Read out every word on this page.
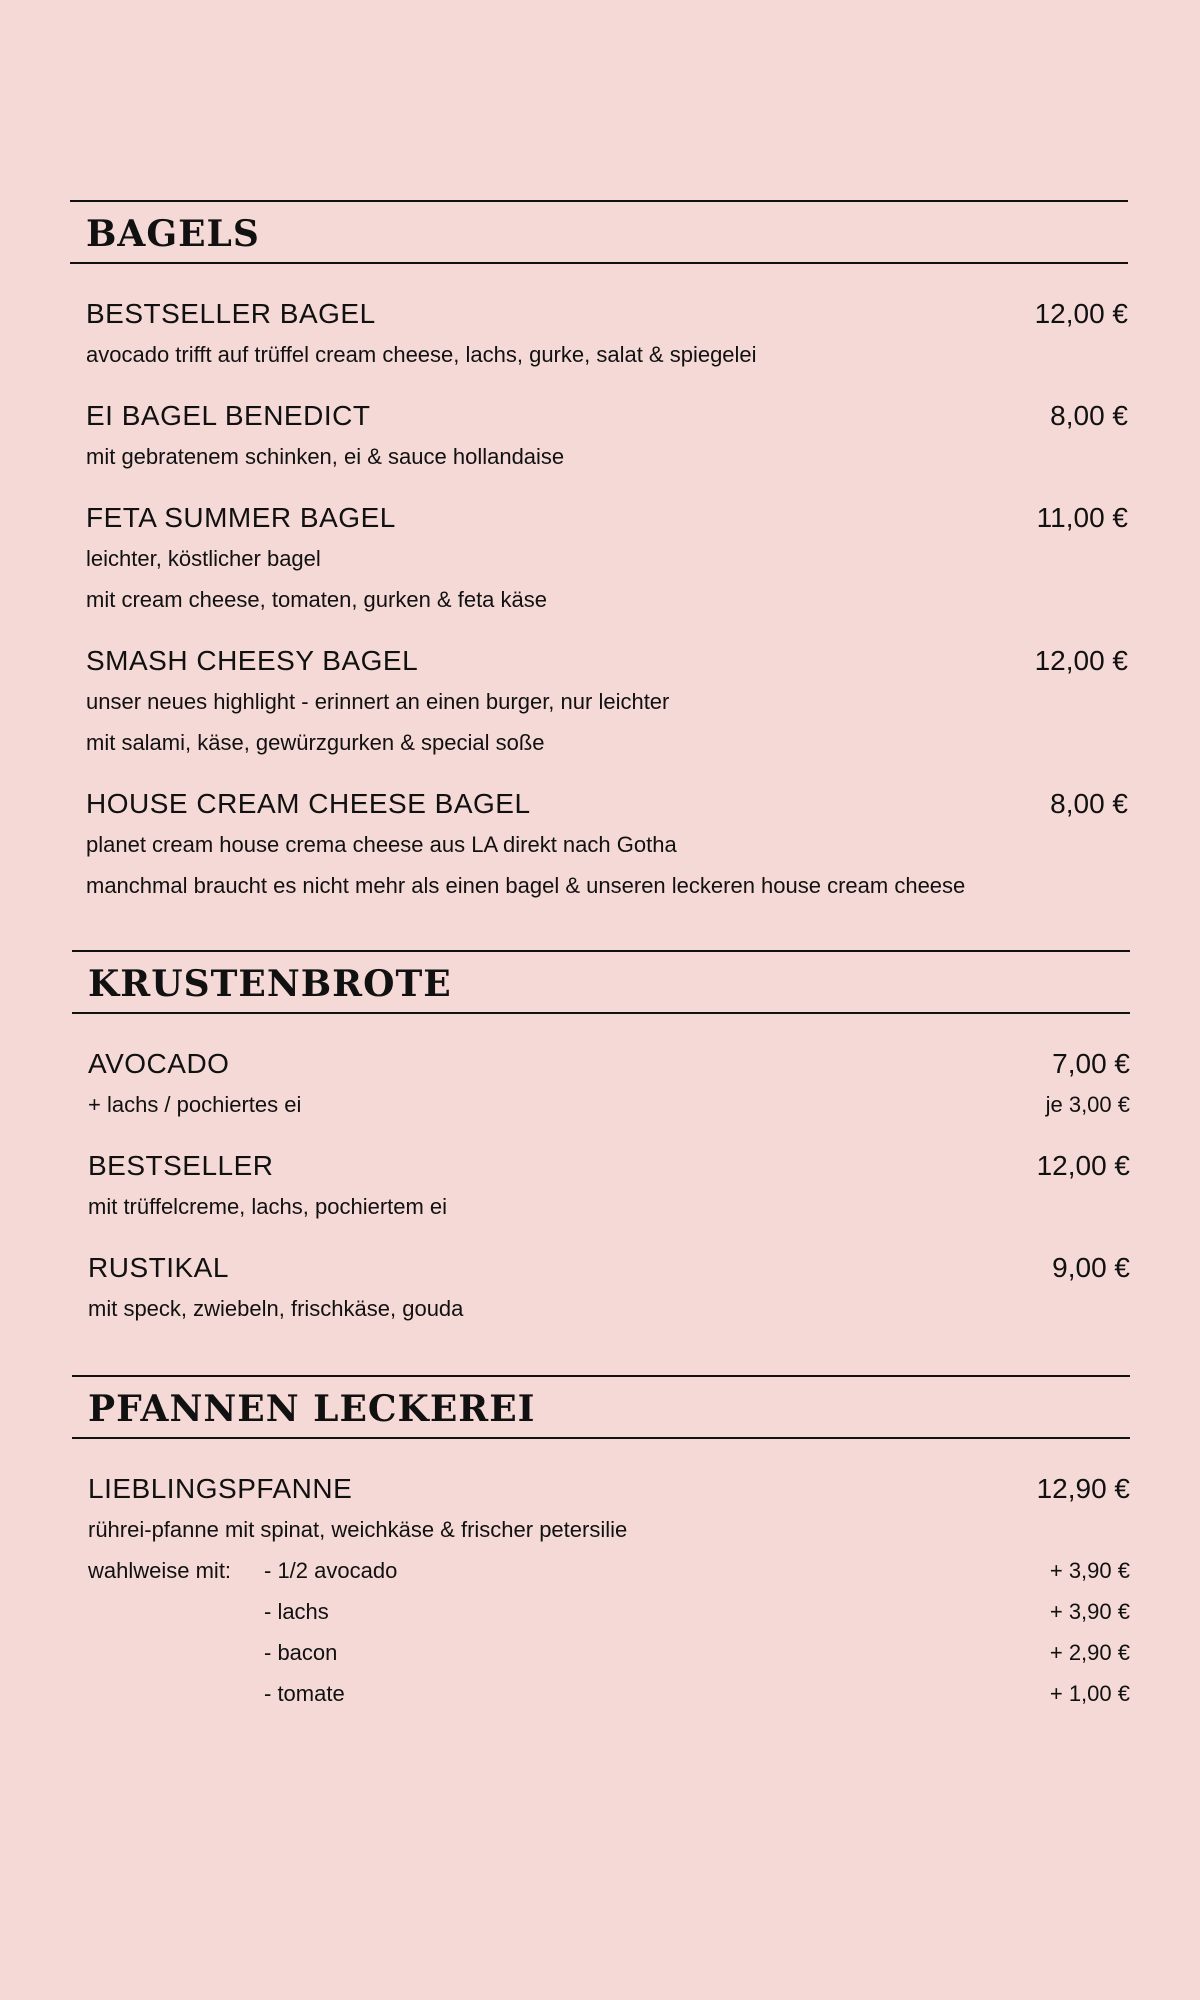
BAGELS
BESTSELLER BAGEL	12,00 €
avocado trifft auf trüffel cream cheese, lachs, gurke, salat & spiegelei
EI BAGEL BENEDICT	8,00 €
mit gebratenem schinken, ei & sauce hollandaise
FETA SUMMER BAGEL	11,00 €
leichter, köstlicher bagel
mit cream cheese, tomaten, gurken & feta käse
SMASH CHEESY BAGEL	12,00 €
unser neues highlight - erinnert an einen burger, nur leichter
mit salami, käse, gewürzgurken & special soße
HOUSE CREAM CHEESE BAGEL	8,00 €
planet cream house crema cheese aus LA direkt nach Gotha
manchmal braucht es nicht mehr als einen bagel & unseren leckeren house cream cheese
KRUSTENBROTE
AVOCADO	7,00 €
+ lachs / pochiertes ei	je 3,00 €
BESTSELLER	12,00 €
mit trüffelcreme, lachs, pochiertem ei
RUSTIKAL	9,00 €
mit speck, zwiebeln, frischkäse, gouda
PFANNEN LECKEREI
LIEBLINGSPFANNE	12,90 €
rührei-pfanne mit spinat, weichkäse & frischer petersilie
wahlweise mit:	- 1/2 avocado	+ 3,90 €
- lachs	+ 3,90 €
- bacon	+ 2,90 €
- tomate	+ 1,00 €
